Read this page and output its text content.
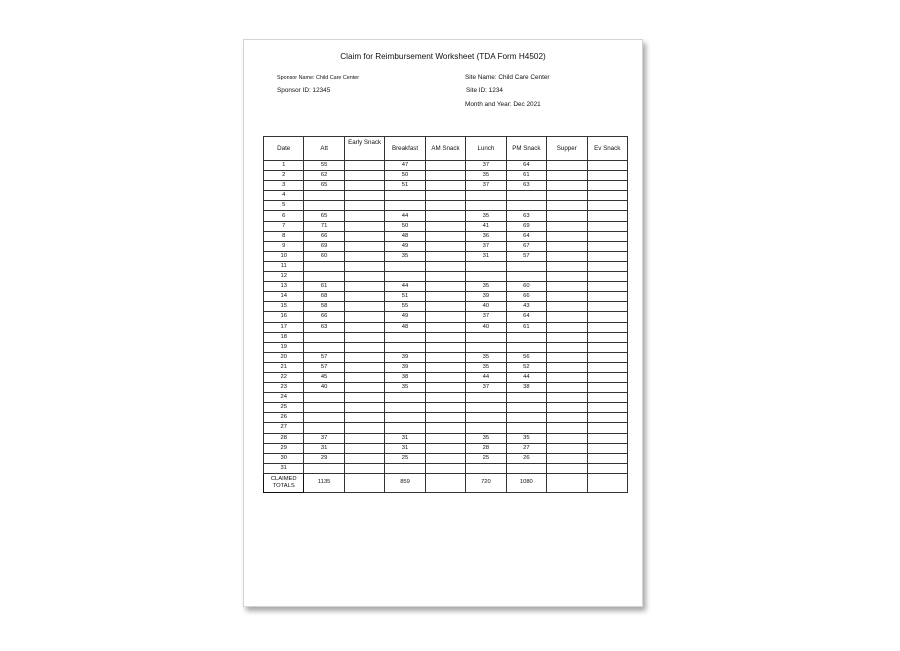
Claim for Reimbursement Worksheet (TDA Form H4502)
Sponsor Name: Child Care Center
Sponsor ID: 12345
Site Name: Child Care Center
Site ID: 1234
Month and Year: Dec 2021
Date	Att	Early Snack	Breakfast	AM Snack	Lunch	PM Snack	Supper	Ev Snack
1	55		47		37	64		
2	62		50		35	61		
3	65		51		37	63		
4								
5								
6	65		44		35	63		
7	71		50		41	69		
8	66		48		36	64		
9	69		49		37	67		
10	60		35		31	57		
11								
12								
13	61		44		35	60		
14	68		51		39	66		
15	58		55		40	43		
16	66		49		37	64		
17	63		48		40	61		
18								
19								
20	57		39		35	56		
21	57		39		35	52		
22	45		38		44	44		
23	40		35		37	38		
24								
25								
26								
27								
28	37		31		35	35		
29	31		31		28	27		
30	29		25		25	26		
31								
CLAIMED TOTALS	1135		859		720	1080		
